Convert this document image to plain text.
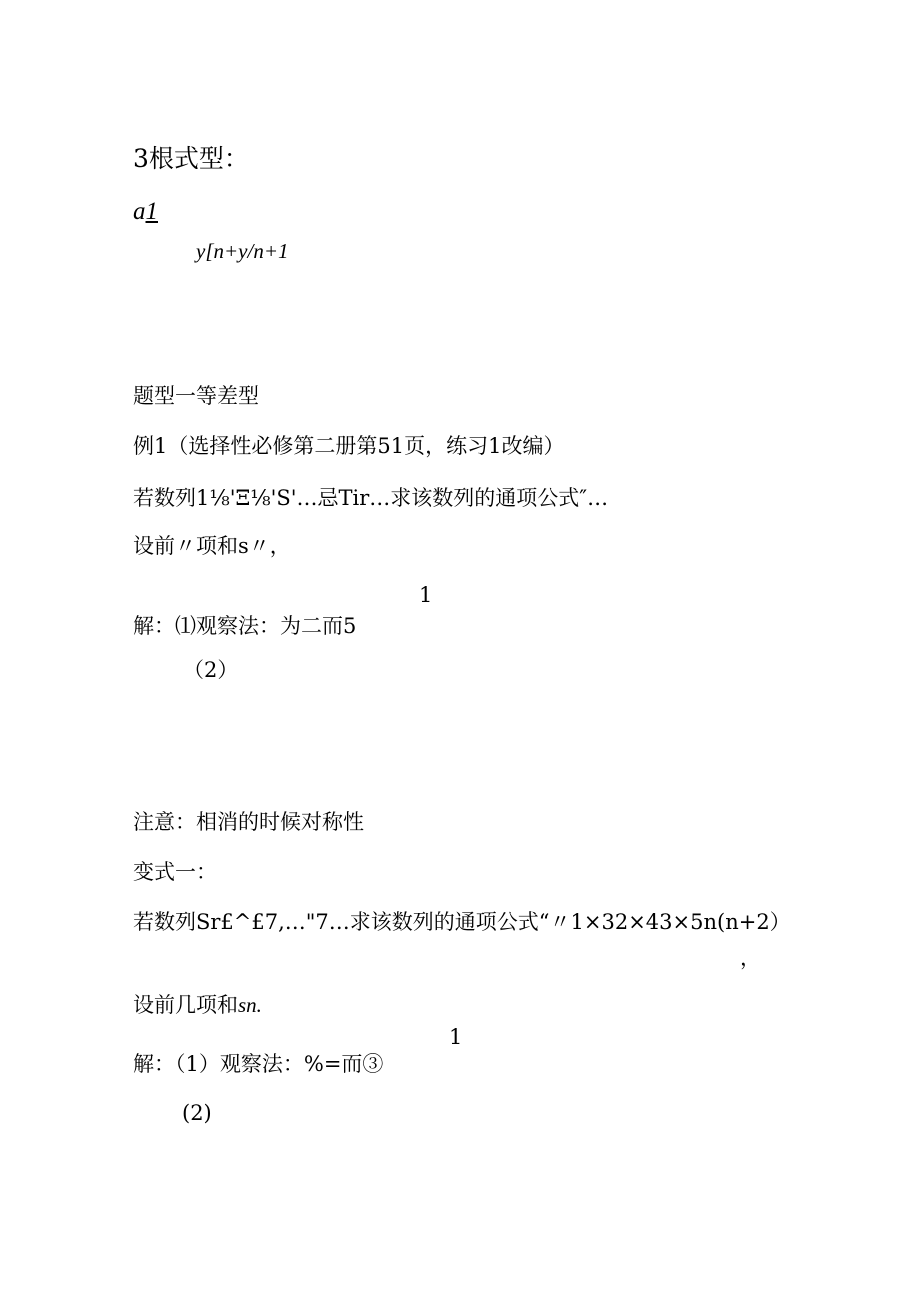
3根式型：
a1
y[n+y/n+1
题型一等差型
例1（选择性必修第二册第51页，练习1改编）
若数列1⅛'Ξ⅛'S'…忌Tir…求该数列的通项公式″…
设前〃项和s〃，
1
解：⑴观察法：为二而5
（2）
注意：相消的时候对称性
变式一：
若数列Sr£^£7,…"7…求该数列的通项公式“〃1×32×43×5n(n+2）
，
设前几项和sn.
1
解：（1）观察法：%=而③
(2)
